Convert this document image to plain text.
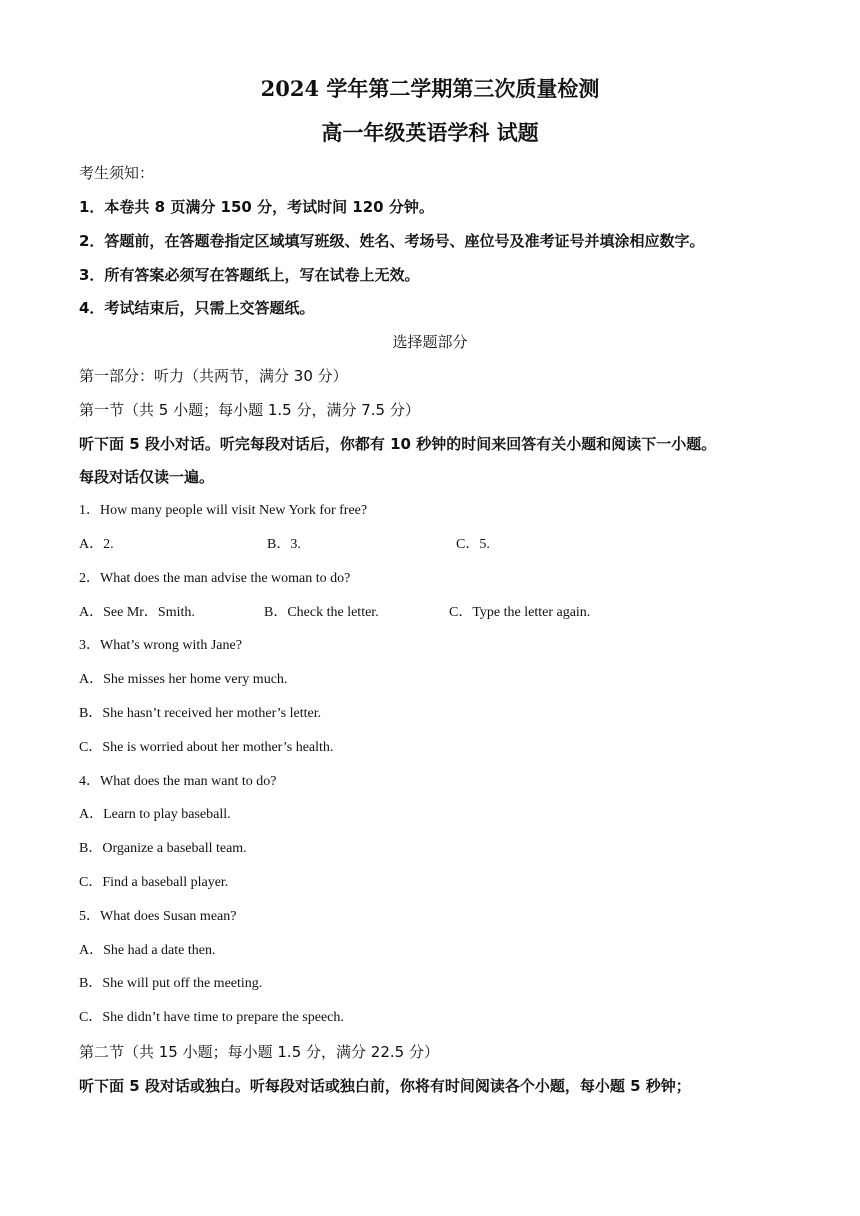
2024 学年第二学期第三次质量检测
高一年级英语学科 试题
考生须知：
1．本卷共 8 页满分 150 分，考试时间 120 分钟。
2．答题前，在答题卷指定区域填写班级、姓名、考场号、座位号及准考证号并填涂相应数字。
3．所有答案必须写在答题纸上，写在试卷上无效。
4．考试结束后，只需上交答题纸。
选择题部分
第一部分：听力（共两节，满分 30 分）
第一节（共 5 小题；每小题 1.5 分，满分 7.5 分）
听下面 5 段小对话。听完每段对话后，你都有 10 秒钟的时间来回答有关小题和阅读下一小题。
每段对话仅读一遍。
1．How many people will visit New York for free?
A．2.	B．3.	C．5.
2．What does the man advise the woman to do?
A．See Mr．Smith.	B．Check the letter.	C．Type the letter again.
3．What’s wrong with Jane?
A．She misses her home very much.
B．She hasn’t received her mother’s letter.
C．She is worried about her mother’s health.
4．What does the man want to do?
A．Learn to play baseball.
B．Organize a baseball team.
C．Find a baseball player.
5．What does Susan mean?
A．She had a date then.
B．She will put off the meeting.
C．She didn’t have time to prepare the speech.
第二节（共 15 小题；每小题 1.5 分，满分 22.5 分）
听下面 5 段对话或独白。听每段对话或独白前，你将有时间阅读各个小题，每小题 5 秒钟；
